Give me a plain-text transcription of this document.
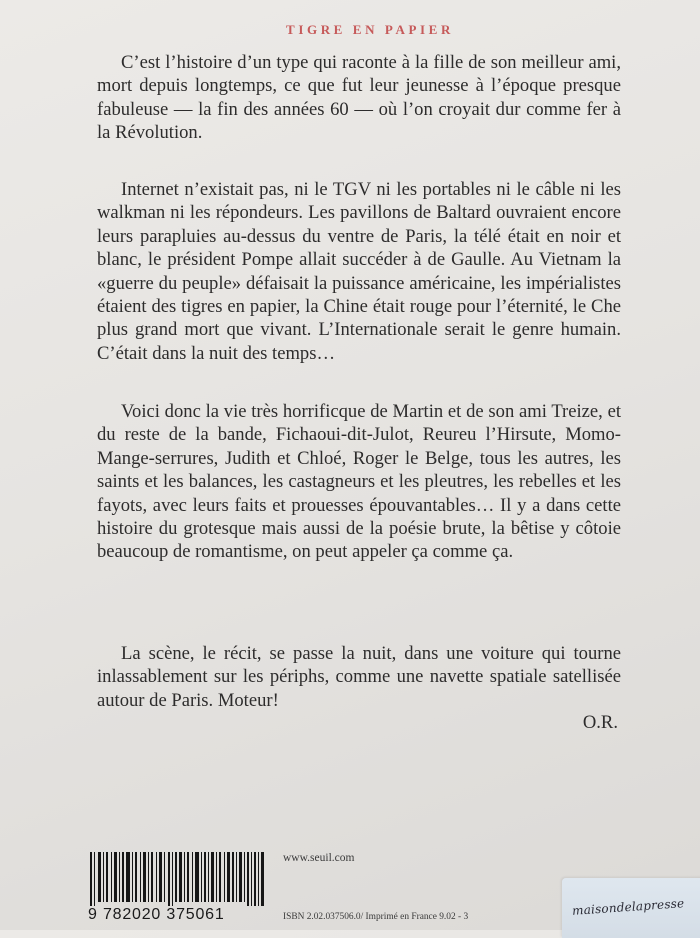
TIGRE EN PAPIER

C’est l’histoire d’un type qui raconte à la fille de son meilleur ami, mort depuis longtemps, ce que fut leur jeunesse à l’époque presque fabuleuse — la fin des années 60 — où l’on croyait dur comme fer à la Révolution.

Internet n’existait pas, ni le TGV ni les portables ni le câble ni les walkman ni les répondeurs. Les pavillons de Baltard ouvraient encore leurs parapluies au-dessus du ventre de Paris, la télé était en noir et blanc, le président Pompe allait succéder à de Gaulle. Au Vietnam la «guerre du peuple» défaisait la puissance américaine, les impérialistes étaient des tigres en papier, la Chine était rouge pour l’éternité, le Che plus grand mort que vivant. L’Internationale serait le genre humain. C’était dans la nuit des temps…

Voici donc la vie très horrificque de Martin et de son ami Treize, et du reste de la bande, Fichaoui-dit-Julot, Reureu l’Hirsute, Momo-Mange-serrures, Judith et Chloé, Roger le Belge, tous les autres, les saints et les balances, les castagneurs et les pleutres, les rebelles et les fayots, avec leurs faits et prouesses épouvantables… Il y a dans cette histoire du grotesque mais aussi de la poésie brute, la bêtise y côtoie beaucoup de romantisme, on peut appeler ça comme ça.

La scène, le récit, se passe la nuit, dans une voiture qui tourne inlassablement sur les périphs, comme une navette spatiale satellisée autour de Paris. Moteur!

O.R.

9 782020 375061
www.seuil.com
ISBN 2.02.037506.0/ Imprimé en France 9.02 - 3	maisondelapresse
